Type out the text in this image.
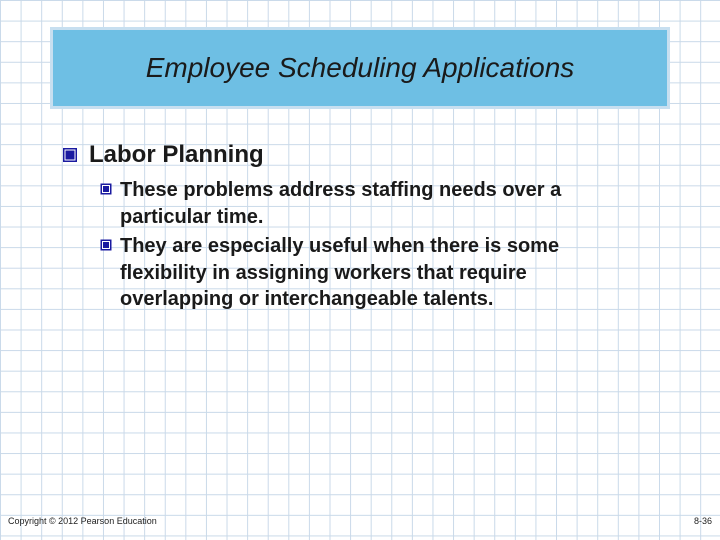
Employee Scheduling Applications
Labor Planning
These problems address staffing needs over a
particular time.
They are especially useful when there is some
flexibility in assigning workers that require
overlapping or interchangeable talents.
Copyright © 2012 Pearson Education	8-36
